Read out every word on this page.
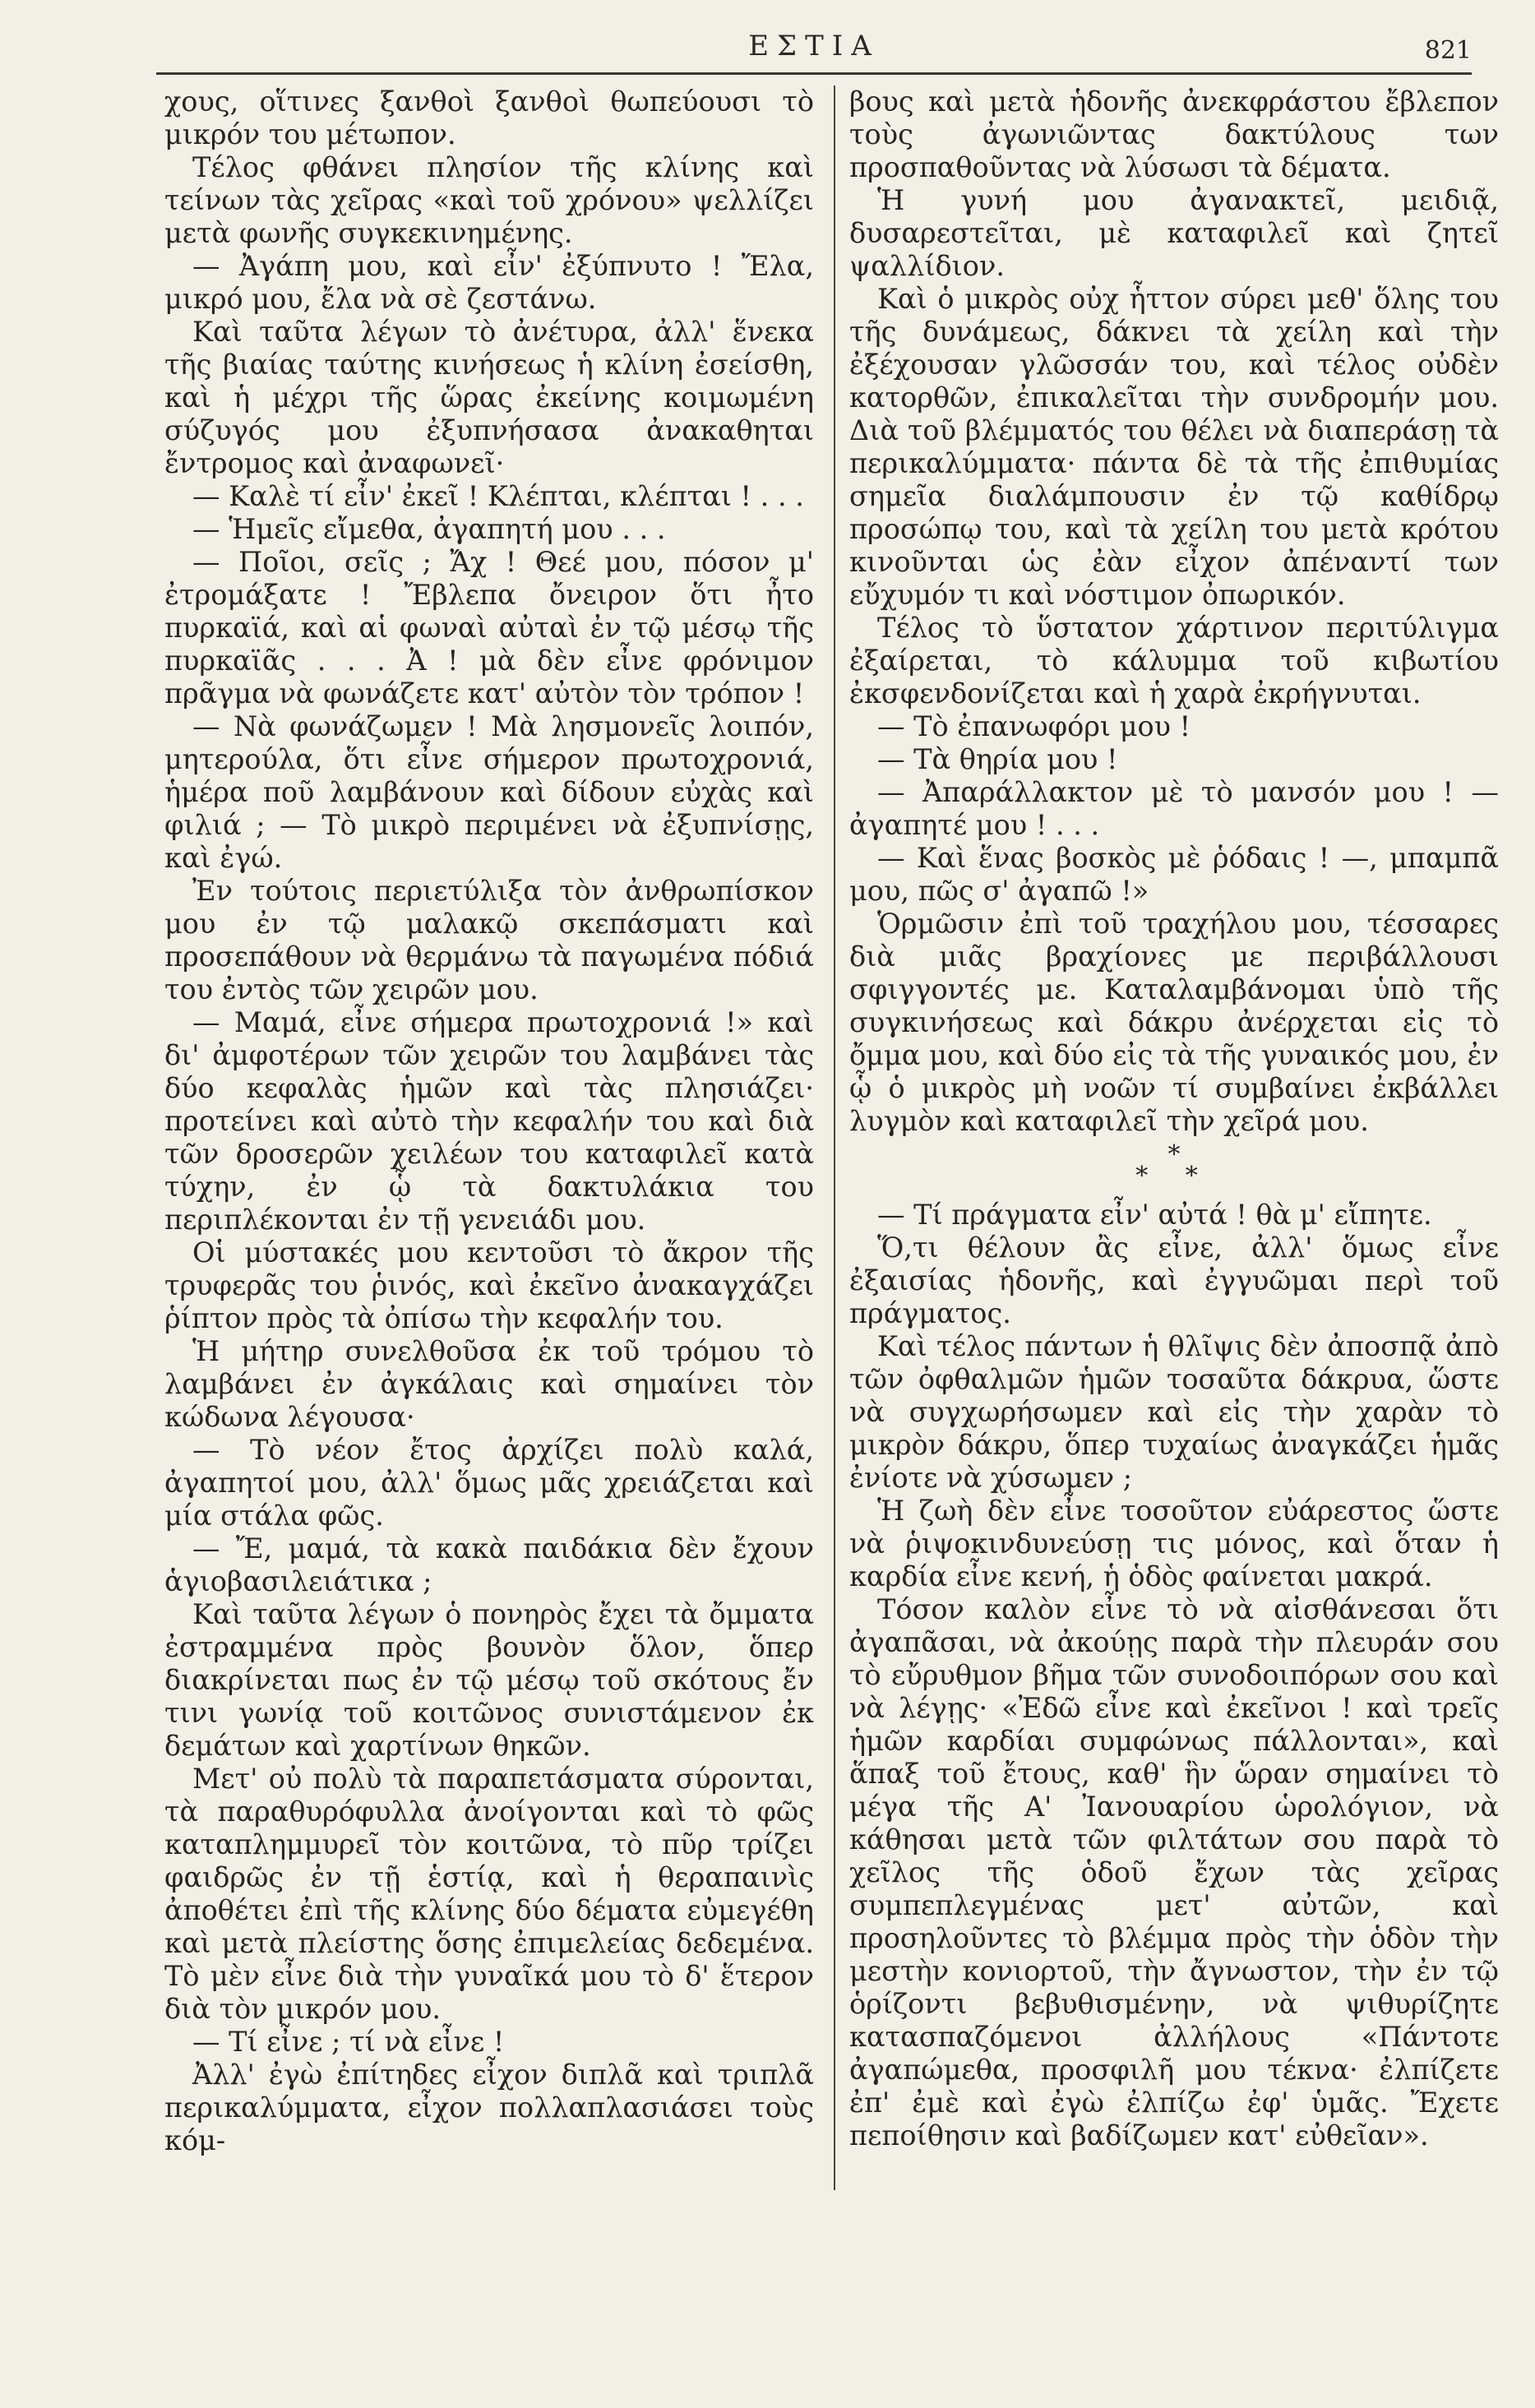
ΕΣΤΙΑ	821

χους, οἵτινες ξανθοὶ ξανθοὶ θωπεύουσι τὸ μικρόν του μέτωπον.

Τέλος φθάνει πλησίον τῆς κλίνης καὶ τείνων τὰς χεῖρας «καὶ τοῦ χρόνου» ψελλίζει μετὰ φωνῆς συγκεκινημένης.

— Ἀγάπη μου, καὶ εἶν' ἐξύπνυτο ! Ἔλα, μικρό μου, ἔλα νὰ σὲ ζεστάνω.

Καὶ ταῦτα λέγων τὸ ἀνέτυρα, ἀλλ' ἕνεκα τῆς βιαίας ταύτης κινήσεως ἡ κλίνη ἐσείσθη, καὶ ἡ μέχρι τῆς ὥρας ἐκείνης κοιμωμένη σύζυγός μου ἐξυπνήσασα ἀνακαθηται ἔντρομος καὶ ἀναφωνεῖ·

— Καλὲ τί εἶν' ἐκεῖ ! Κλέπται, κλέπται ! . . .

— Ἡμεῖς εἴμεθα, ἀγαπητή μου . . .

— Ποῖοι, σεῖς ; Ἄχ ! Θεέ μου, πόσον μ' ἐτρομάξατε ! Ἔβλεπα ὄνειρον ὅτι ἦτο πυρκαϊά, καὶ αἱ φωναὶ αὐταὶ ἐν τῷ μέσῳ τῆς πυρκαϊᾶς . . . Ἀ ! μὰ δὲν εἶνε φρόνιμον πρᾶγμα νὰ φωνάζετε κατ' αὐτὸν τὸν τρόπον !

— Νὰ φωνάζωμεν ! Μὰ λησμονεῖς λοιπόν, μητερούλα, ὅτι εἶνε σήμερον πρωτοχρονιά, ἡμέρα ποῦ λαμβάνουν καὶ δίδουν εὐχὰς καὶ φιλιά ; — Τὸ μικρὸ περιμένει νὰ ἐξυπνίσῃς, καὶ ἐγώ.

Ἐν τούτοις περιετύλιξα τὸν ἀνθρωπίσκον μου ἐν τῷ μαλακῷ σκεπάσματι καὶ προσεπάθουν νὰ θερμάνω τὰ παγωμένα πόδιά του ἐντὸς τῶν χειρῶν μου.

— Μαμά, εἶνε σήμερα πρωτοχρονιά !» καὶ δι' ἀμφοτέρων τῶν χειρῶν του λαμβάνει τὰς δύο κεφαλὰς ἡμῶν καὶ τὰς πλησιάζει· προτείνει καὶ αὐτὸ τὴν κεφαλήν του καὶ διὰ τῶν δροσερῶν χειλέων του καταφιλεῖ κατὰ τύχην, ἐν ᾧ τὰ δακτυλάκια του περιπλέκονται ἐν τῇ γενειάδι μου.

Οἱ μύστακές μου κεντοῦσι τὸ ἄκρον τῆς τρυφερᾶς του ῥινός, καὶ ἐκεῖνο ἀνακαγχάζει ῥίπτον πρὸς τὰ ὀπίσω τὴν κεφαλήν του.

Ἡ μήτηρ συνελθοῦσα ἐκ τοῦ τρόμου τὸ λαμβάνει ἐν ἀγκάλαις καὶ σημαίνει τὸν κώδωνα λέγουσα·

— Τὸ νέον ἔτος ἀρχίζει πολὺ καλά, ἀγαπητοί μου, ἀλλ' ὅμως μᾶς χρειάζεται καὶ μία στάλα φῶς.

— Ἔ, μαμά, τὰ κακὰ παιδάκια δὲν ἔχουν ἁγιοβασιλειάτικα ;

Καὶ ταῦτα λέγων ὁ πονηρὸς ἔχει τὰ ὄμματα ἐστραμμένα πρὸς βουνὸν ὅλον, ὅπερ διακρίνεται πως ἐν τῷ μέσῳ τοῦ σκότους ἔν τινι γωνίᾳ τοῦ κοιτῶνος συνιστάμενον ἐκ δεμάτων καὶ χαρτίνων θηκῶν.

Μετ' οὐ πολὺ τὰ παραπετάσματα σύρονται, τὰ παραθυρόφυλλα ἀνοίγονται καὶ τὸ φῶς καταπλημμυρεῖ τὸν κοιτῶνα, τὸ πῦρ τρίζει φαιδρῶς ἐν τῇ ἑστίᾳ, καὶ ἡ θεραπαινὶς ἀποθέτει ἐπὶ τῆς κλίνης δύο δέματα εὐμεγέθη καὶ μετὰ πλείστης ὅσης ἐπιμελείας δεδεμένα. Τὸ μὲν εἶνε διὰ τὴν γυναῖκά μου τὸ δ' ἕτερον διὰ τὸν μικρόν μου.

— Τί εἶνε ; τί νὰ εἶνε !

Ἀλλ' ἐγὼ ἐπίτηδες εἶχον διπλᾶ καὶ τριπλᾶ περικαλύμματα, εἶχον πολλαπλασιάσει τοὺς κόμ-

βους καὶ μετὰ ἡδονῆς ἀνεκφράστου ἔβλεπον τοὺς ἀγωνιῶντας δακτύλους των προσπαθοῦντας νὰ λύσωσι τὰ δέματα.

Ἡ γυνή μου ἀγανακτεῖ, μειδιᾷ, δυσαρεστεῖται, μὲ καταφιλεῖ καὶ ζητεῖ ψαλλίδιον.

Καὶ ὁ μικρὸς οὐχ ἧττον σύρει μεθ' ὅλης του τῆς δυνάμεως, δάκνει τὰ χείλη καὶ τὴν ἐξέχουσαν γλῶσσάν του, καὶ τέλος οὐδὲν κατορθῶν, ἐπικαλεῖται τὴν συνδρομήν μου. Διὰ τοῦ βλέμματός του θέλει νὰ διαπεράσῃ τὰ περικαλύμματα· πάντα δὲ τὰ τῆς ἐπιθυμίας σημεῖα διαλάμπουσιν ἐν τῷ καθίδρῳ προσώπῳ του, καὶ τὰ χείλη του μετὰ κρότου κινοῦνται ὡς ἐὰν εἶχον ἀπέναντί των εὔχυμόν τι καὶ νόστιμον ὀπωρικόν.

Τέλος τὸ ὕστατον χάρτινον περιτύλιγμα ἐξαίρεται, τὸ κάλυμμα τοῦ κιβωτίου ἐκσφενδονίζεται καὶ ἡ χαρὰ ἐκρήγνυται.

— Τὸ ἐπανωφόρι μου !

— Τὰ θηρία μου !

— Ἀπαράλλακτον μὲ τὸ μανσόν μου ! — ἀγαπητέ μου ! . . .

— Καὶ ἕνας βοσκὸς μὲ ῥόδαις ! —, μπαμπᾶ μου, πῶς σ' ἀγαπῶ !»

Ὁρμῶσιν ἐπὶ τοῦ τραχήλου μου, τέσσαρες διὰ μιᾶς βραχίονες με περιβάλλουσι σφιγγοντές με. Καταλαμβάνομαι ὑπὸ τῆς συγκινήσεως καὶ δάκρυ ἀνέρχεται εἰς τὸ ὄμμα μου, καὶ δύο εἰς τὰ τῆς γυναικός μου, ἐν ᾧ ὁ μικρὸς μὴ νοῶν τί συμβαίνει ἐκβάλλει λυγμὸν καὶ καταφιλεῖ τὴν χεῖρά μου.

*
* *

— Τί πράγματα εἶν' αὐτά ! θὰ μ' εἴπητε.

Ὅ,τι θέλουν ἂς εἶνε, ἀλλ' ὅμως εἶνε ἐξαισίας ἡδονῆς, καὶ ἐγγυῶμαι περὶ τοῦ πράγματος.

Καὶ τέλος πάντων ἡ θλῖψις δὲν ἀποσπᾷ ἀπὸ τῶν ὀφθαλμῶν ἡμῶν τοσαῦτα δάκρυα, ὥστε νὰ συγχωρήσωμεν καὶ εἰς τὴν χαρὰν τὸ μικρὸν δάκρυ, ὅπερ τυχαίως ἀναγκάζει ἡμᾶς ἐνίοτε νὰ χύσωμεν ;

Ἡ ζωὴ δὲν εἶνε τοσοῦτον εὐάρεστος ὥστε νὰ ῥιψοκινδυνεύσῃ τις μόνος, καὶ ὅταν ἡ καρδία εἶνε κενή, ἡ ὁδὸς φαίνεται μακρά.

Τόσον καλὸν εἶνε τὸ νὰ αἰσθάνεσαι ὅτι ἀγαπᾶσαι, νὰ ἀκούῃς παρὰ τὴν πλευράν σου τὸ εὔρυθμον βῆμα τῶν συνοδοιπόρων σου καὶ νὰ λέγῃς· «Ἐδῶ εἶνε καὶ ἐκεῖνοι ! καὶ τρεῖς ἡμῶν καρδίαι συμφώνως πάλλονται», καὶ ἅπαξ τοῦ ἔτους, καθ' ἣν ὥραν σημαίνει τὸ μέγα τῆς Α' Ἰανουαρίου ὡρολόγιον, νὰ κάθησαι μετὰ τῶν φιλτάτων σου παρὰ τὸ χεῖλος τῆς ὁδοῦ ἔχων τὰς χεῖρας συμπεπλεγμένας μετ' αὐτῶν, καὶ προσηλοῦντες τὸ βλέμμα πρὸς τὴν ὁδὸν τὴν μεστὴν κονιορτοῦ, τὴν ἄγνωστον, τὴν ἐν τῷ ὁρίζοντι βεβυθισμένην, νὰ ψιθυρίζητε κατασπαζόμενοι ἀλλήλους «Πάντοτε ἀγαπώμεθα, προσφιλῆ μου τέκνα· ἐλπίζετε ἐπ' ἐμὲ καὶ ἐγὼ ἐλπίζω ἐφ' ὑμᾶς. Ἔχετε πεποίθησιν καὶ βαδίζωμεν κατ' εὐθεῖαν».
